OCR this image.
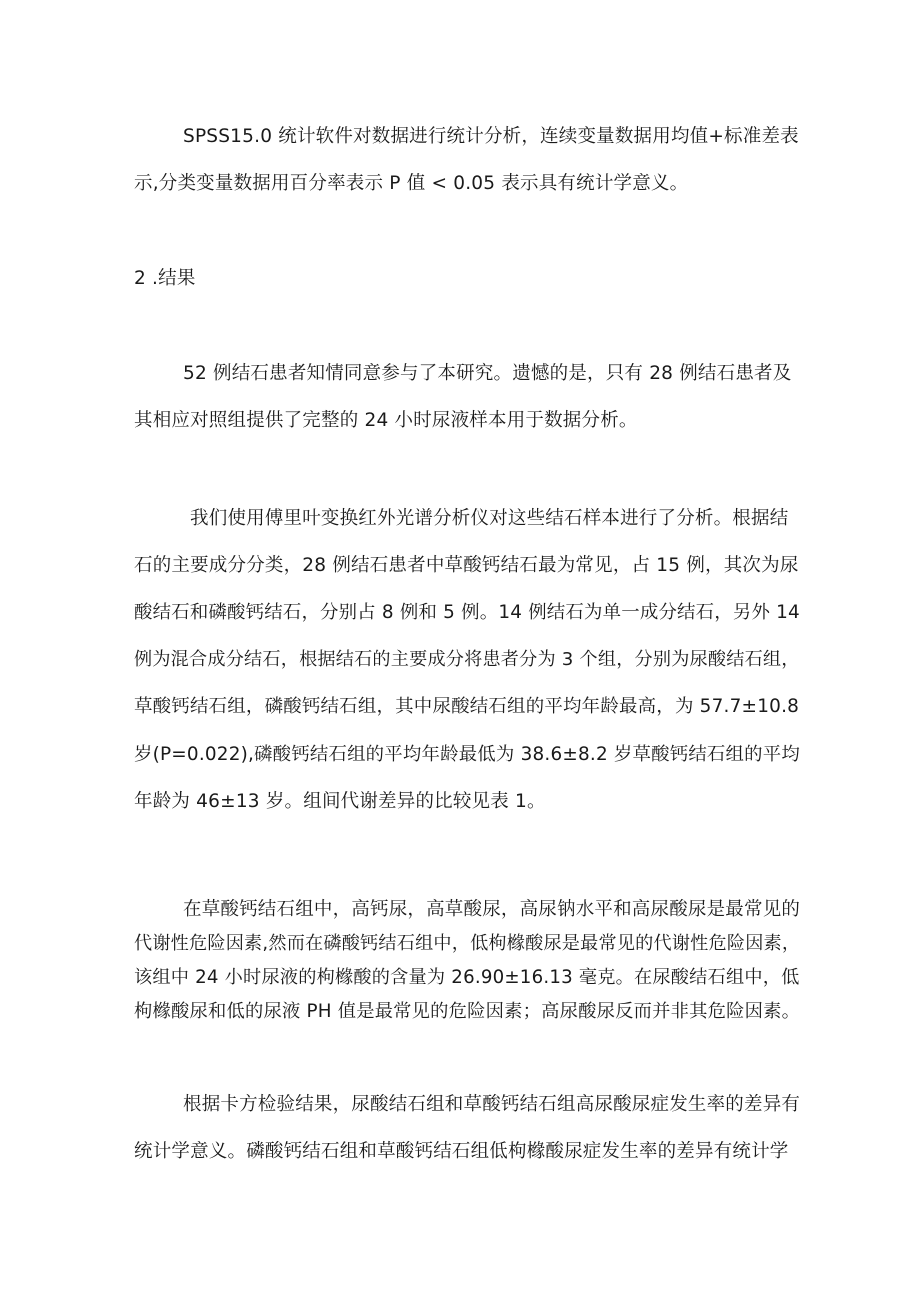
SPSS15.0 统计软件对数据进行统计分析，连续变量数据用均值+标准差表
示,分类变量数据用百分率表示 P 值 < 0.05 表示具有统计学意义。
2 .结果
52 例结石患者知情同意参与了本研究。遗憾的是，只有 28 例结石患者及
其相应对照组提供了完整的 24 小时尿液样本用于数据分析。
我们使用傅里叶变换红外光谱分析仪对这些结石样本进行了分析。根据结
石的主要成分分类，28 例结石患者中草酸钙结石最为常见，占 15 例，其次为尿
酸结石和磷酸钙结石，分别占 8 例和 5 例。14 例结石为单一成分结石，另外 14
例为混合成分结石，根据结石的主要成分将患者分为 3 个组，分别为尿酸结石组，
草酸钙结石组，磷酸钙结石组，其中尿酸结石组的平均年龄最高，为 57.7±10.8
岁(P=0.022),磷酸钙结石组的平均年龄最低为 38.6±8.2 岁草酸钙结石组的平均
年龄为 46±13 岁。组间代谢差异的比较见表 1。
在草酸钙结石组中，高钙尿，高草酸尿，高尿钠水平和高尿酸尿是最常见的
代谢性危险因素,然而在磷酸钙结石组中，低枸橼酸尿是最常见的代谢性危险因素，
该组中 24 小时尿液的枸橼酸的含量为 26.90±16.13 毫克。在尿酸结石组中，低
枸橼酸尿和低的尿液 PH 值是最常见的危险因素；高尿酸尿反而并非其危险因素。
根据卡方检验结果，尿酸结石组和草酸钙结石组高尿酸尿症发生率的差异有
统计学意义。磷酸钙结石组和草酸钙结石组低枸橼酸尿症发生率的差异有统计学
